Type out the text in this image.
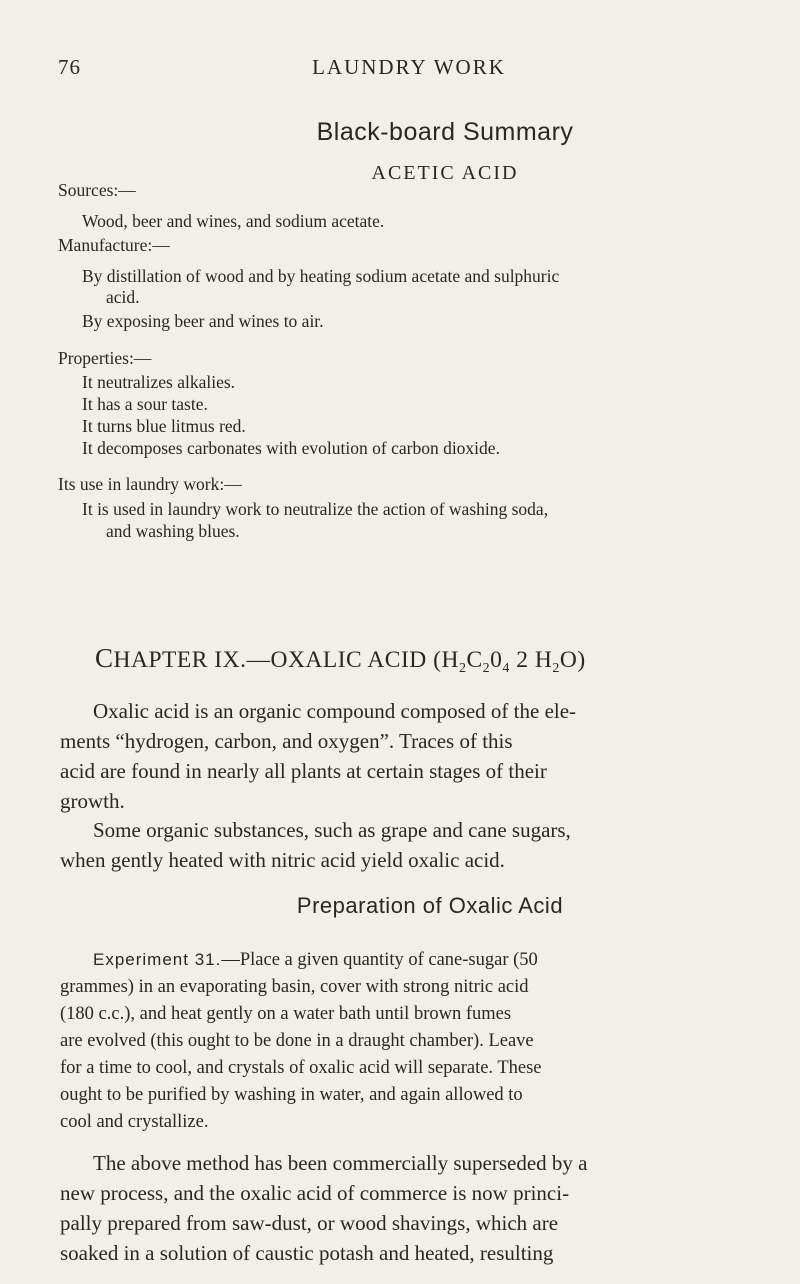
76	LAUNDRY WORK
Black-board Summary
ACETIC ACID
Sources:—
Wood, beer and wines, and sodium acetate.
Manufacture:—
By distillation of wood and by heating sodium acetate and sulphuric
acid.
By exposing beer and wines to air.
Properties:—
It neutralizes alkalies.
It has a sour taste.
It turns blue litmus red.
It decomposes carbonates with evolution of carbon dioxide.
Its use in laundry work:—
It is used in laundry work to neutralize the action of washing soda,
and washing blues.
CHAPTER IX.—OXALIC ACID ($H_2C_20_4$ 2 $H_2O$)
Oxalic acid is an organic compound composed of the ele-
ments “hydrogen, carbon, and oxygen”. Traces of this
acid are found in nearly all plants at certain stages of their
growth.
Some organic substances, such as grape and cane sugars,
when gently heated with nitric acid yield oxalic acid.
Preparation of Oxalic Acid
Experiment 31.—Place a given quantity of cane-sugar (50
grammes) in an evaporating basin, cover with strong nitric acid
(180 c.c.), and heat gently on a water bath until brown fumes
are evolved (this ought to be done in a draught chamber). Leave
for a time to cool, and crystals of oxalic acid will separate. These
ought to be purified by washing in water, and again allowed to
cool and crystallize.
The above method has been commercially superseded by a
new process, and the oxalic acid of commerce is now princi-
pally prepared from saw-dust, or wood shavings, which are
soaked in a solution of caustic potash and heated, resulting
